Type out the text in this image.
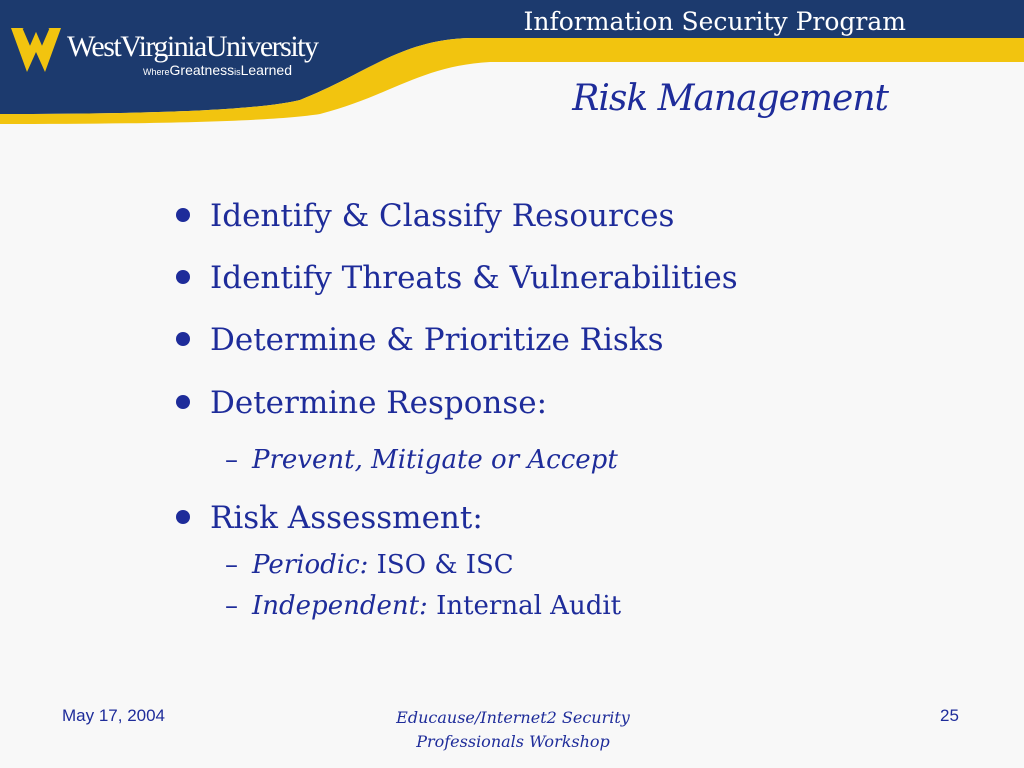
Information Security Program
WestVirginiaUniversity
WhereGreatnessisLearned
Risk Management
Identify & Classify Resources
Identify Threats & Vulnerabilities
Determine & Prioritize Risks
Determine Response:
– Prevent, Mitigate or Accept
Risk Assessment:
– Periodic: ISO & ISC
– Independent: Internal Audit
May 17, 2004	Educause/Internet2 Security
Professionals Workshop
25
